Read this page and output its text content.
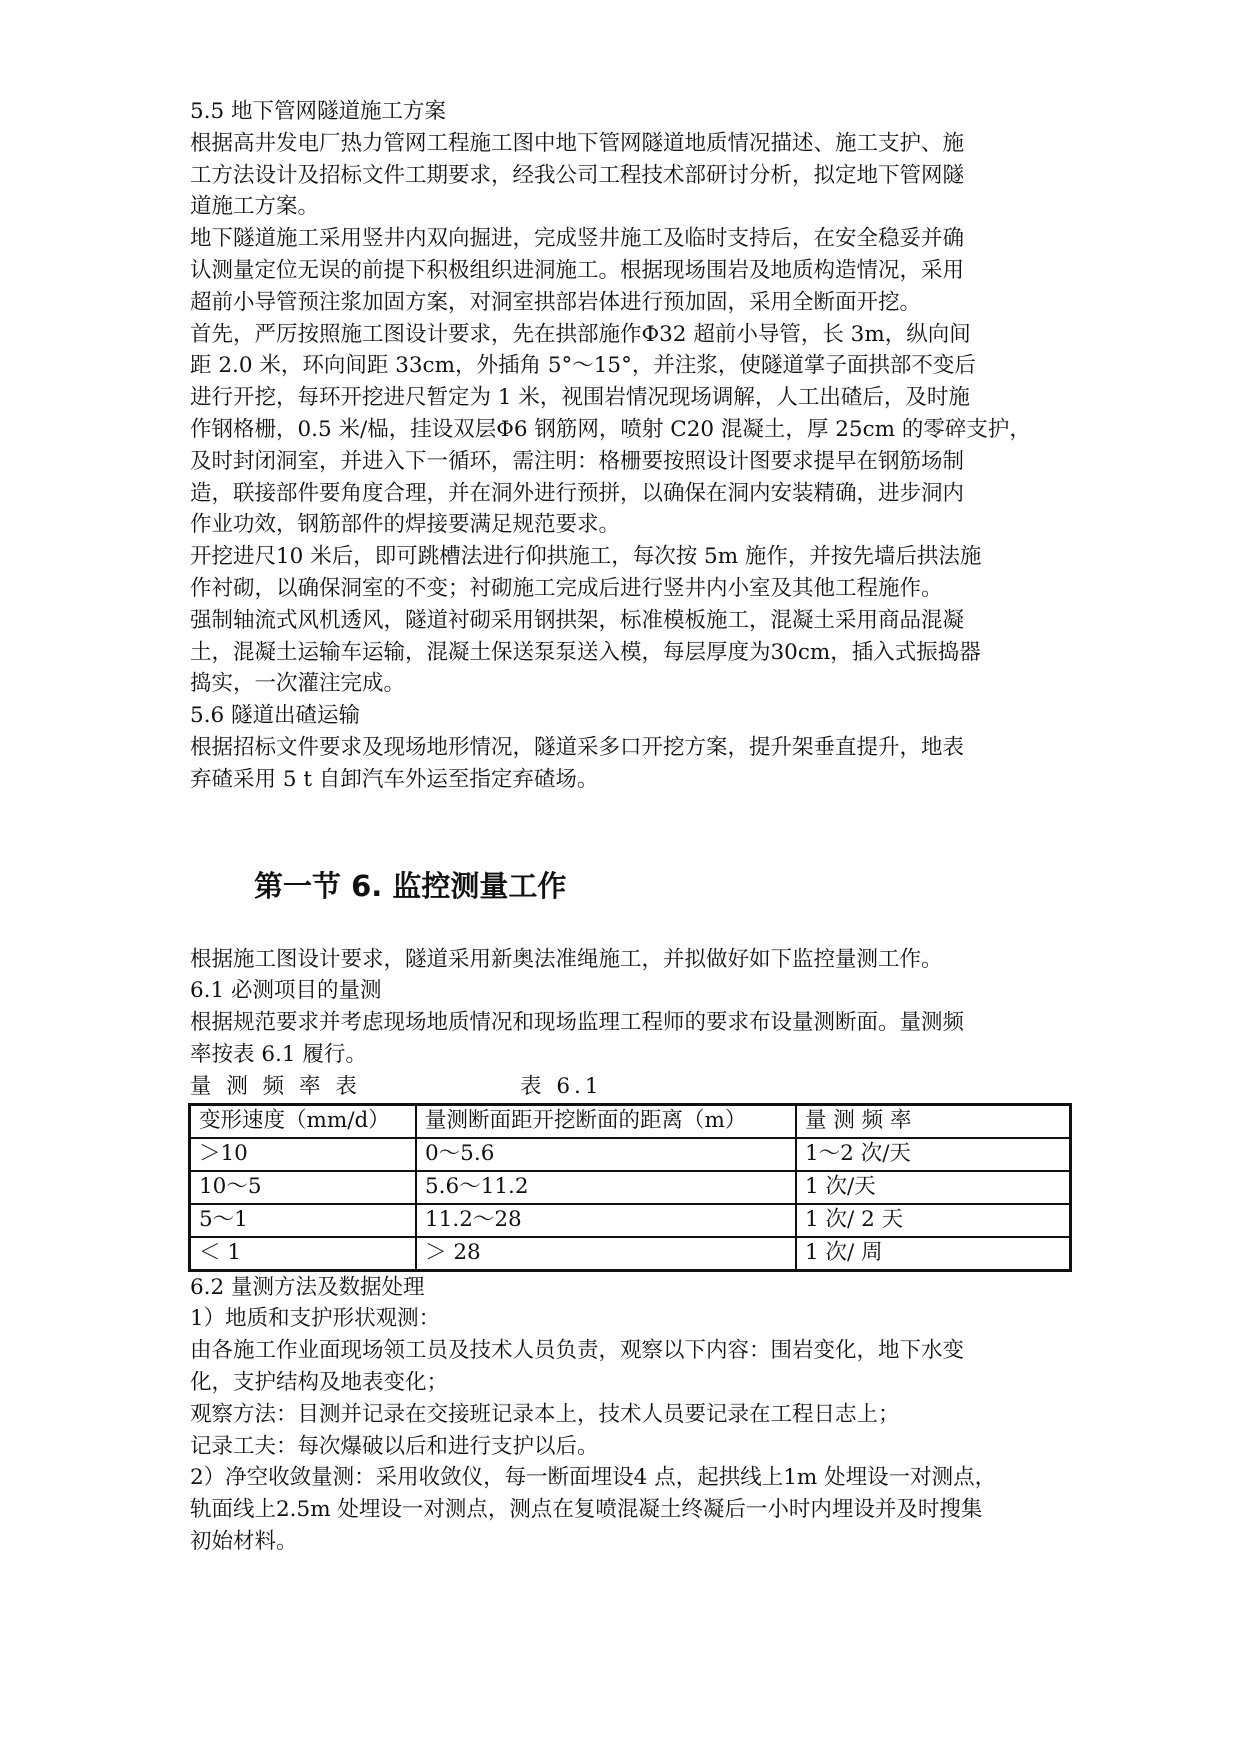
5.5 地下管网隧道施工方案

根据高井发电厂热力管网工程施工图中地下管网隧道地质情况描述、施工支护、施

工方法设计及招标文件工期要求，经我公司工程技术部研讨分析，拟定地下管网隧

道施工方案。

地下隧道施工采用竖井内双向掘进，完成竖井施工及临时支持后，在安全稳妥并确

认测量定位无误的前提下积极组织进洞施工。根据现场围岩及地质构造情况，采用

超前小导管预注浆加固方案，对洞室拱部岩体进行预加固，采用全断面开挖。

首先，严厉按照施工图设计要求，先在拱部施作Φ32 超前小导管，长 3m，纵向间

距 2.0 米，环向间距 33cm，外插角 5°～15°，并注浆，使隧道掌子面拱部不变后

进行开挖，每环开挖进尺暂定为 1 米，视围岩情况现场调解，人工出碴后，及时施

作钢格栅，0.5 米/榀，挂设双层Φ6 钢筋网，喷射 C20 混凝土，厚 25cm 的零碎支护，

及时封闭洞室，并进入下一循环，需注明：格栅要按照设计图要求提早在钢筋场制

造，联接部件要角度合理，并在洞外进行预拼，以确保在洞内安装精确，进步洞内

作业功效，钢筋部件的焊接要满足规范要求。

开挖进尺10 米后，即可跳槽法进行仰拱施工，每次按 5m 施作，并按先墙后拱法施

作衬砌，以确保洞室的不变；衬砌施工完成后进行竖井内小室及其他工程施作。

强制轴流式风机透风，隧道衬砌采用钢拱架，标准模板施工，混凝土采用商品混凝

土，混凝土运输车运输，混凝土保送泵泵送入模，每层厚度为30cm，插入式振捣器

捣实，一次灌注完成。

5.6 隧道出碴运输

根据招标文件要求及现场地形情况，隧道采多口开挖方案，提升架垂直提升，地表

弃碴采用 5 t 自卸汽车外运至指定弃碴场。

第一节 6. 监控测量工作

根据施工图设计要求，隧道采用新奥法准绳施工，并拟做好如下监控量测工作。

6.1 必测项目的量测

根据规范要求并考虑现场地质情况和现场监理工程师的要求布设量测断面。量测频

率按表 6.1 履行。

量 测 频 率 表	表 6.1
变形速度（mm/d）	量测断面距开挖断面的距离（m）	量 测 频 率
＞10	0～5.6	1～2 次/天
10～5	5.6～11.2	1 次/天
5～1	11.2～28	1 次/ 2 天
＜ 1	＞ 28	1 次/ 周

6.2 量测方法及数据处理

1）地质和支护形状观测：

由各施工作业面现场领工员及技术人员负责，观察以下内容：围岩变化，地下水变

化，支护结构及地表变化；

观察方法：目测并记录在交接班记录本上，技术人员要记录在工程日志上；

记录工夫：每次爆破以后和进行支护以后。

2）净空收敛量测：采用收敛仪，每一断面埋设4 点，起拱线上1m 处埋设一对测点，

轨面线上2.5m 处埋设一对测点，测点在复喷混凝土终凝后一小时内埋设并及时搜集

初始材料。
